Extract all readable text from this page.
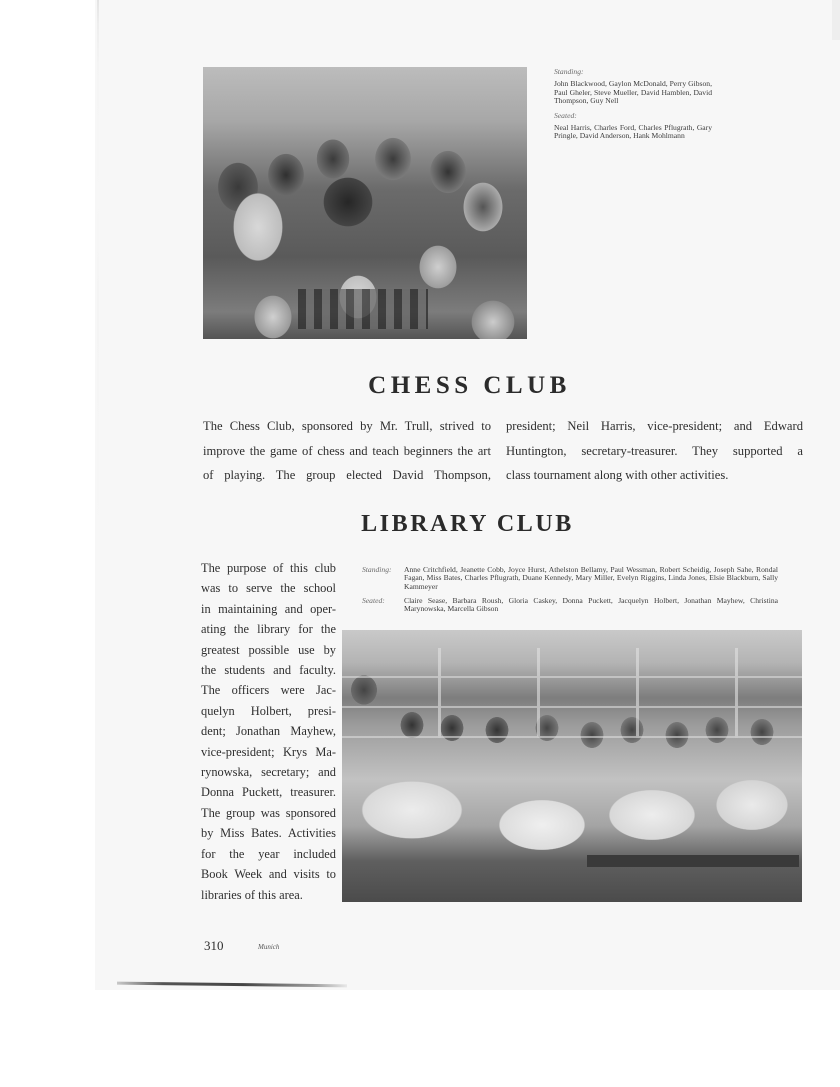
Standing:
John Blackwood, Gaylon McDonald, Perry Gibson, Paul Gheler, Steve Mueller, David Hamblen, David Thompson, Guy Nell
Seated:
Neal Harris, Charles Ford, Charles Pflugrath, Gary Pringle, David Anderson, Hank Mohlmann
CHESS CLUB
The Chess Club, sponsored by Mr. Trull, strived to
improve the game of chess and teach beginners the art
of playing. The group elected David Thompson,
president; Neil Harris, vice-president; and Edward
Huntington, secretary-treasurer. They supported a
class tournament along with other activities.
LIBRARY CLUB
The purpose of this club
was to serve the school
in maintaining and oper-
ating the library for the
greatest possible use by
the students and faculty.
The officers were Jac-
quelyn Holbert, presi-
dent; Jonathan Mayhew,
vice-president; Krys Ma-
rynowska, secretary; and
Donna Puckett, treasurer.
The group was sponsored
by Miss Bates. Activities
for the year included
Book Week and visits to
libraries of this area.
Standing:	Anne Critchfield, Jeanette Cobb, Joyce Hurst, Athelston Bellamy, Paul Wessman, Robert Scheidig, Joseph Sahe, Rondal Fagan, Miss Bates, Charles Pflugrath, Duane Kennedy, Mary Miller, Evelyn Riggins, Linda Jones, Elsie Blackburn, Sally Kammeyer
Seated:	Claire Sease, Barbara Roush, Gloria Caskey, Donna Puckett, Jacquelyn Holbert, Jonathan Mayhew, Christina Marynowska, Marcella Gibson
310	Munich
